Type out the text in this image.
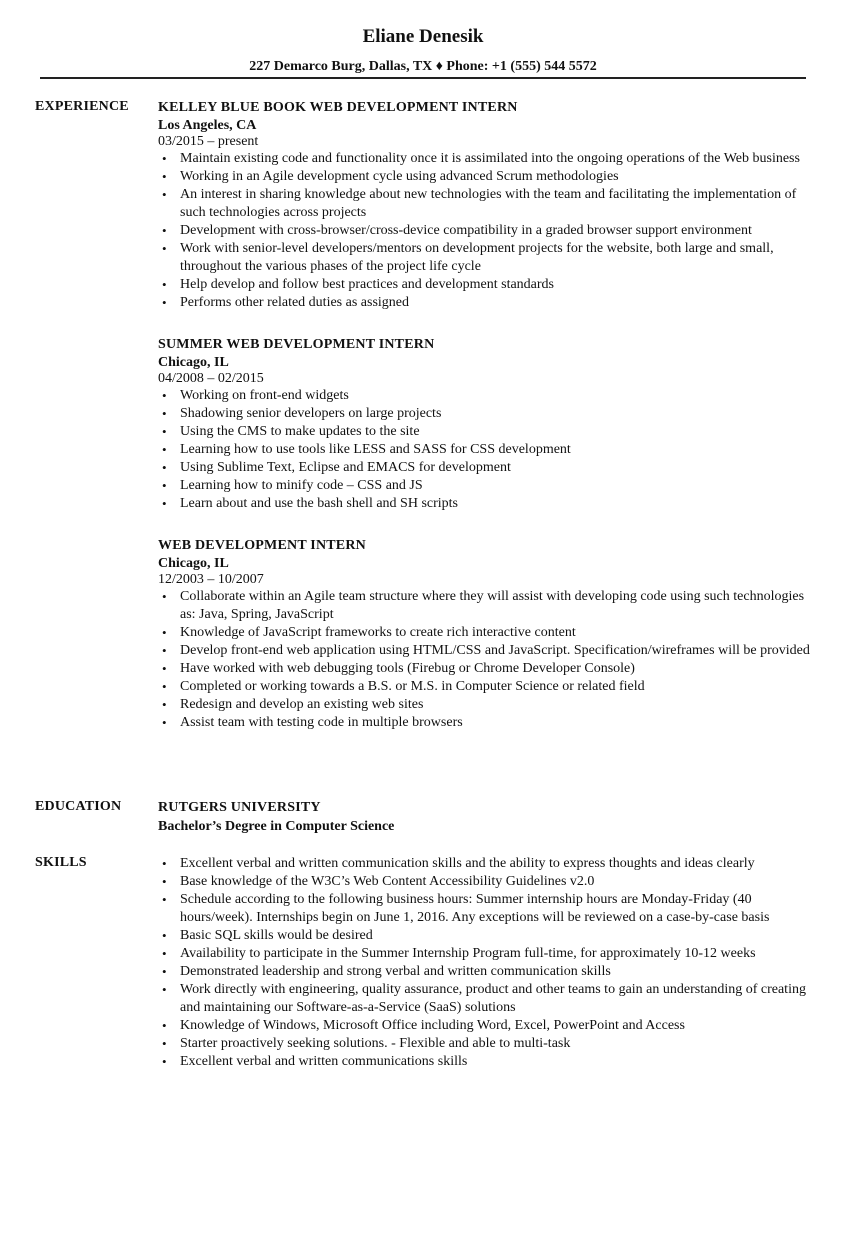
Eliane Denesik
227 Demarco Burg, Dallas, TX ♦ Phone: +1 (555) 544 5572
EXPERIENCE KELLEY BLUE BOOK WEB DEVELOPMENT INTERN
Los Angeles, CA
03/2015 – present
• Maintain existing code and functionality once it is assimilated into the ongoing operations of the Web business
• Working in an Agile development cycle using advanced Scrum methodologies
• An interest in sharing knowledge about new technologies with the team and facilitating the implementation of such technologies across projects
• Development with cross-browser/cross-device compatibility in a graded browser support environment
• Work with senior-level developers/mentors on development projects for the website, both large and small, throughout the various phases of the project life cycle
• Help develop and follow best practices and development standards
• Performs other related duties as assigned
SUMMER WEB DEVELOPMENT INTERN
Chicago, IL
04/2008 – 02/2015
• Working on front-end widgets
• Shadowing senior developers on large projects
• Using the CMS to make updates to the site
• Learning how to use tools like LESS and SASS for CSS development
• Using Sublime Text, Eclipse and EMACS for development
• Learning how to minify code – CSS and JS
• Learn about and use the bash shell and SH scripts
WEB DEVELOPMENT INTERN
Chicago, IL
12/2003 – 10/2007
• Collaborate within an Agile team structure where they will assist with developing code using such technologies as: Java, Spring, JavaScript
• Knowledge of JavaScript frameworks to create rich interactive content
• Develop front-end web application using HTML/CSS and JavaScript. Specification/wireframes will be provided
• Have worked with web debugging tools (Firebug or Chrome Developer Console)
• Completed or working towards a B.S. or M.S. in Computer Science or related field
• Redesign and develop an existing web sites
• Assist team with testing code in multiple browsers
EDUCATION	RUTGERS UNIVERSITY
Bachelor’s Degree in Computer Science
SKILLS	• Excellent verbal and written communication skills and the ability to express thoughts and ideas clearly
• Base knowledge of the W3C’s Web Content Accessibility Guidelines v2.0
• Schedule according to the following business hours: Summer internship hours are Monday-Friday (40 hours/week). Internships begin on June 1, 2016. Any exceptions will be reviewed on a case-by-case basis
• Basic SQL skills would be desired
• Availability to participate in the Summer Internship Program full-time, for approximately 10-12 weeks
• Demonstrated leadership and strong verbal and written communication skills
• Work directly with engineering, quality assurance, product and other teams to gain an understanding of creating and maintaining our Software-as-a-Service (SaaS) solutions
• Knowledge of Windows, Microsoft Office including Word, Excel, PowerPoint and Access
• Starter proactively seeking solutions. - Flexible and able to multi-task
• Excellent verbal and written communications skills
